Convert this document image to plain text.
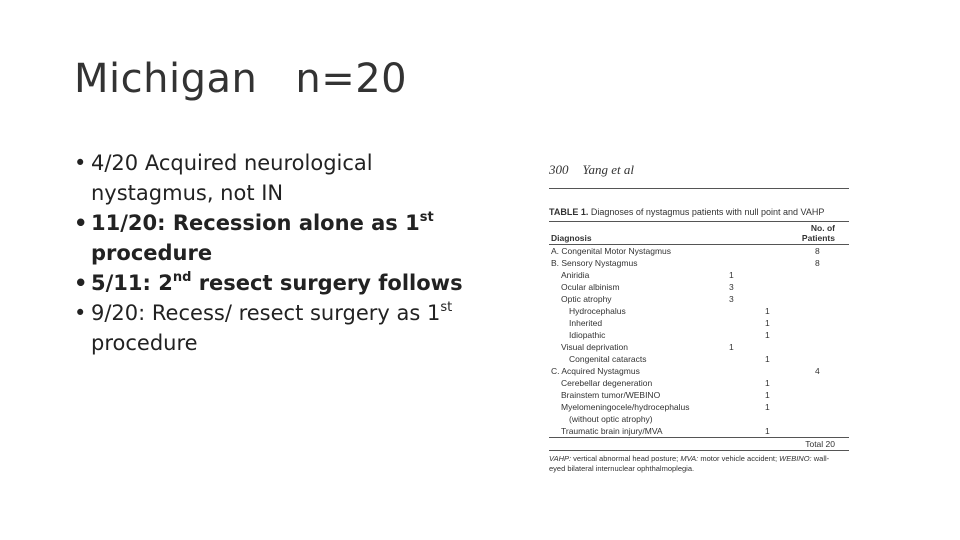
Michigan n=20
• 4/20 Acquired neurological nystagmus, not IN
• 11/20: Recession alone as 1st procedure
• 5/11: 2nd resect surgery follows
• 9/20: Recess/ resect surgery as 1st procedure
300 Yang et al
TABLE 1. Diagnoses of nystagmus patients with null point and VAHP
Diagnosis
No. of
Patients
A. Congenital Motor Nystagmus	8
B. Sensory Nystagmus	8
Aniridia	1
Ocular albinism	3
Optic atrophy	3
Hydrocephalus	1
Inherited	1
Idiopathic	1
Visual deprivation	1
Congenital cataracts	1
C. Acquired Nystagmus	4
Cerebellar degeneration	1
Brainstem tumor/WEBINO	1
Myelomeningocele/hydrocephalus	1
(without optic atrophy)
Traumatic brain injury/MVA	1
Total 20
VAHP: vertical abnormal head posture; MVA: motor vehicle accident; WEBINO: wall-eyed bilateral internuclear ophthalmoplegia.
